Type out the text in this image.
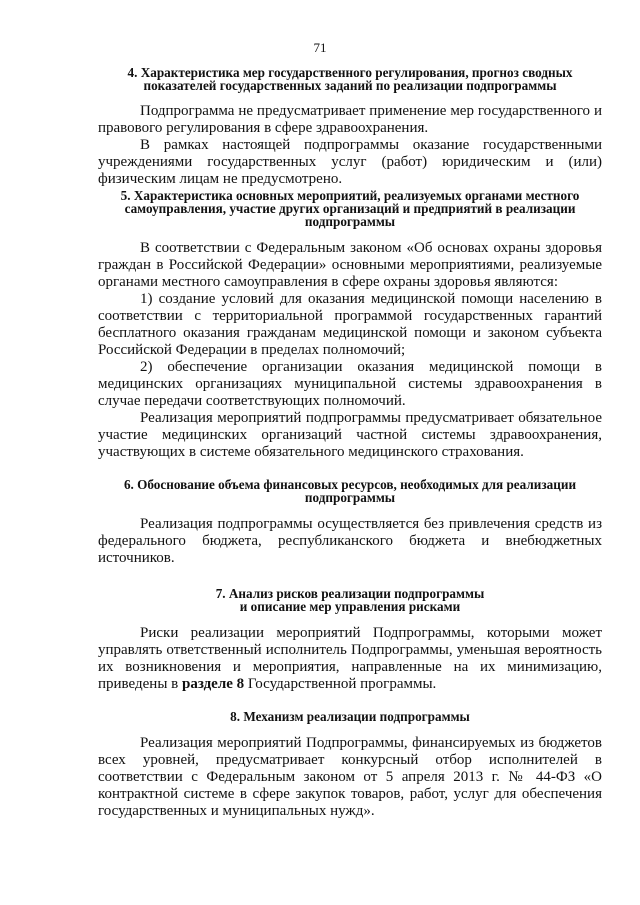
71
4. Характеристика мер государственного регулирования, прогноз сводных показателей государственных заданий по реализации подпрограммы

Подпрограмма не предусматривает применение мер государственного и правового регулирования в сфере здравоохранения.

В рамках настоящей подпрограммы оказание государственными учреждениями государственных услуг (работ) юридическим и (или) физическим лицам не предусмотрено.

5. Характеристика основных мероприятий, реализуемых органами местного самоуправления, участие других организаций и предприятий в реализации подпрограммы

В соответствии с Федеральным законом «Об основах охраны здоровья граждан в Российской Федерации» основными мероприятиями, реализуемые органами местного самоуправления в сфере охраны здоровья являются:

1) создание условий для оказания медицинской помощи населению в соответствии с территориальной программой государственных гарантий бесплатного оказания гражданам медицинской помощи и законом субъекта Российской Федерации в пределах полномочий;

2) обеспечение организации оказания медицинской помощи в медицинских организациях муниципальной системы здравоохранения в случае передачи соответствующих полномочий.

Реализация мероприятий подпрограммы предусматривает обязательное участие медицинских организаций частной системы здравоохранения, участвующих в системе обязательного медицинского страхования.

6. Обоснование объема финансовых ресурсов, необходимых для реализации подпрограммы

Реализация подпрограммы осуществляется без привлечения средств из федерального бюджета, республиканского бюджета и внебюджетных источников.

7. Анализ рисков реализации подпрограммы
и описание мер управления рисками

Риски реализации мероприятий Подпрограммы, которыми может управлять ответственный исполнитель Подпрограммы, уменьшая вероятность их возникновения и мероприятия, направленные на их минимизацию, приведены в разделе 8 Государственной программы.

8. Механизм реализации подпрограммы

Реализация мероприятий Подпрограммы, финансируемых из бюджетов всех уровней, предусматривает конкурсный отбор исполнителей в соответствии с Федеральным законом от 5 апреля 2013 г. № 44-ФЗ «О контрактной системе в сфере закупок товаров, работ, услуг для обеспечения государственных и муниципальных нужд».
